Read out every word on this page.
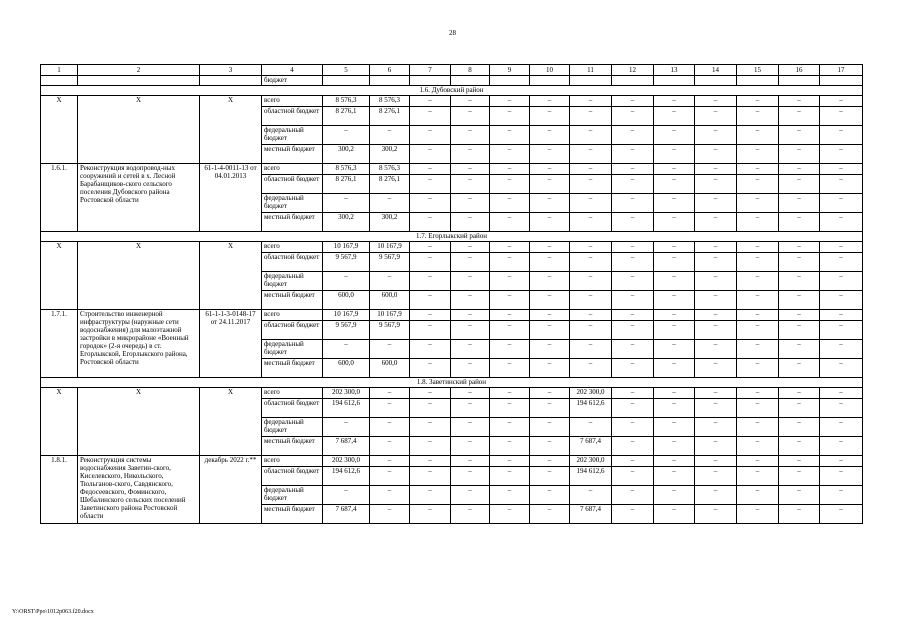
28
1	2	3	4	5	6	7	8	9	10	11	12	13	14	15	16	17
			бюджет													
1.6. Дубовский район																
Х	Х	Х	всего	8 576,3	8 576,3	–	–	–	–	–	–	–	–	–	–	–
			областной бюджет	8 276,1	8 276,1	–	–	–	–	–	–	–	–	–	–	–
			федеральный бюджет	–	–	–	–	–	–	–	–	–	–	–	–	–
			местный бюджет	300,2	300,2	–	–	–	–	–	–	–	–	–	–	–
1.6.1.	Реконструкция водопровод-ных сооружений и сетей в х. Лесной Барабанщиков-ского сельского поселения Дубовского района Ростовской области	61-1-4-0011-13 от 04.01.2013	всего	8 576,3	8 576,3	–	–	–	–	–	–	–	–	–	–	–
			областной бюджет	8 276,1	8 276,1	–	–	–	–	–	–	–	–	–	–	–
			федеральный бюджет	–	–	–	–	–	–	–	–	–	–	–	–	–
			местный бюджет	300,2	300,2	–	–	–	–	–	–	–	–	–	–	–
1.7. Егорлыкский район																
Х	Х	Х	всего	10 167,9	10 167,9	–	–	–	–	–	–	–	–	–	–	–
			областной бюджет	9 567,9	9 567,9	–	–	–	–	–	–	–	–	–	–	–
			федеральный бюджет	–	–	–	–	–	–	–	–	–	–	–	–	–
			местный бюджет	600,0	600,0	–	–	–	–	–	–	–	–	–	–	–
1.7.1.	Строительство инженерной инфраструктуры (наружные сети водоснабжения) для малоэтажной застройки в микрорайоне «Военный городок» (2-я очередь) в ст. Егорлыкской, Егорлыкского района, Ростовской области	61-1-1-3-0148-17 от 24.11.2017	всего	10 167,9	10 167,9	–	–	–	–	–	–	–	–	–	–	–
			областной бюджет	9 567,9	9 567,9	–	–	–	–	–	–	–	–	–	–	–
			федеральный бюджет	–	–	–	–	–	–	–	–	–	–	–	–	–
			местный бюджет	600,0	600,0	–	–	–	–	–	–	–	–	–	–	–
1.8. Заветинский район																
Х	Х	Х	всего	202 300,0	–	–	–	–	–	202 300,0	–	–	–	–	–	–
			областной бюджет	194 612,6	–	–	–	–	–	194 612,6	–	–	–	–	–	–
			федеральный бюджет	–	–	–	–	–	–	–	–	–	–	–	–	–
			местный бюджет	7 687,4	–	–	–	–	–	7 687,4	–	–	–	–	–	–
1.8.1.	Реконструкция системы водоснабжения Заветин-ского, Киселевского, Никольского, Тюльганов-ского, Савдянского, Федосеевского, Фоминского, Шебалинского сельских поселений Заветинского района Ростовской области	декабрь 2022 г.**	всего	202 300,0	–	–	–	–	–	202 300,0	–	–	–	–	–	–
			областной бюджет	194 612,6	–	–	–	–	–	194 612,6	–	–	–	–	–	–
			федеральный бюджет	–	–	–	–	–	–	–	–	–	–	–	–	–
			местный бюджет	7 687,4	–	–	–	–	–	7 687,4	–	–	–	–	–	–
Y:\ORST\Ppo\1012p063.f20.docx
